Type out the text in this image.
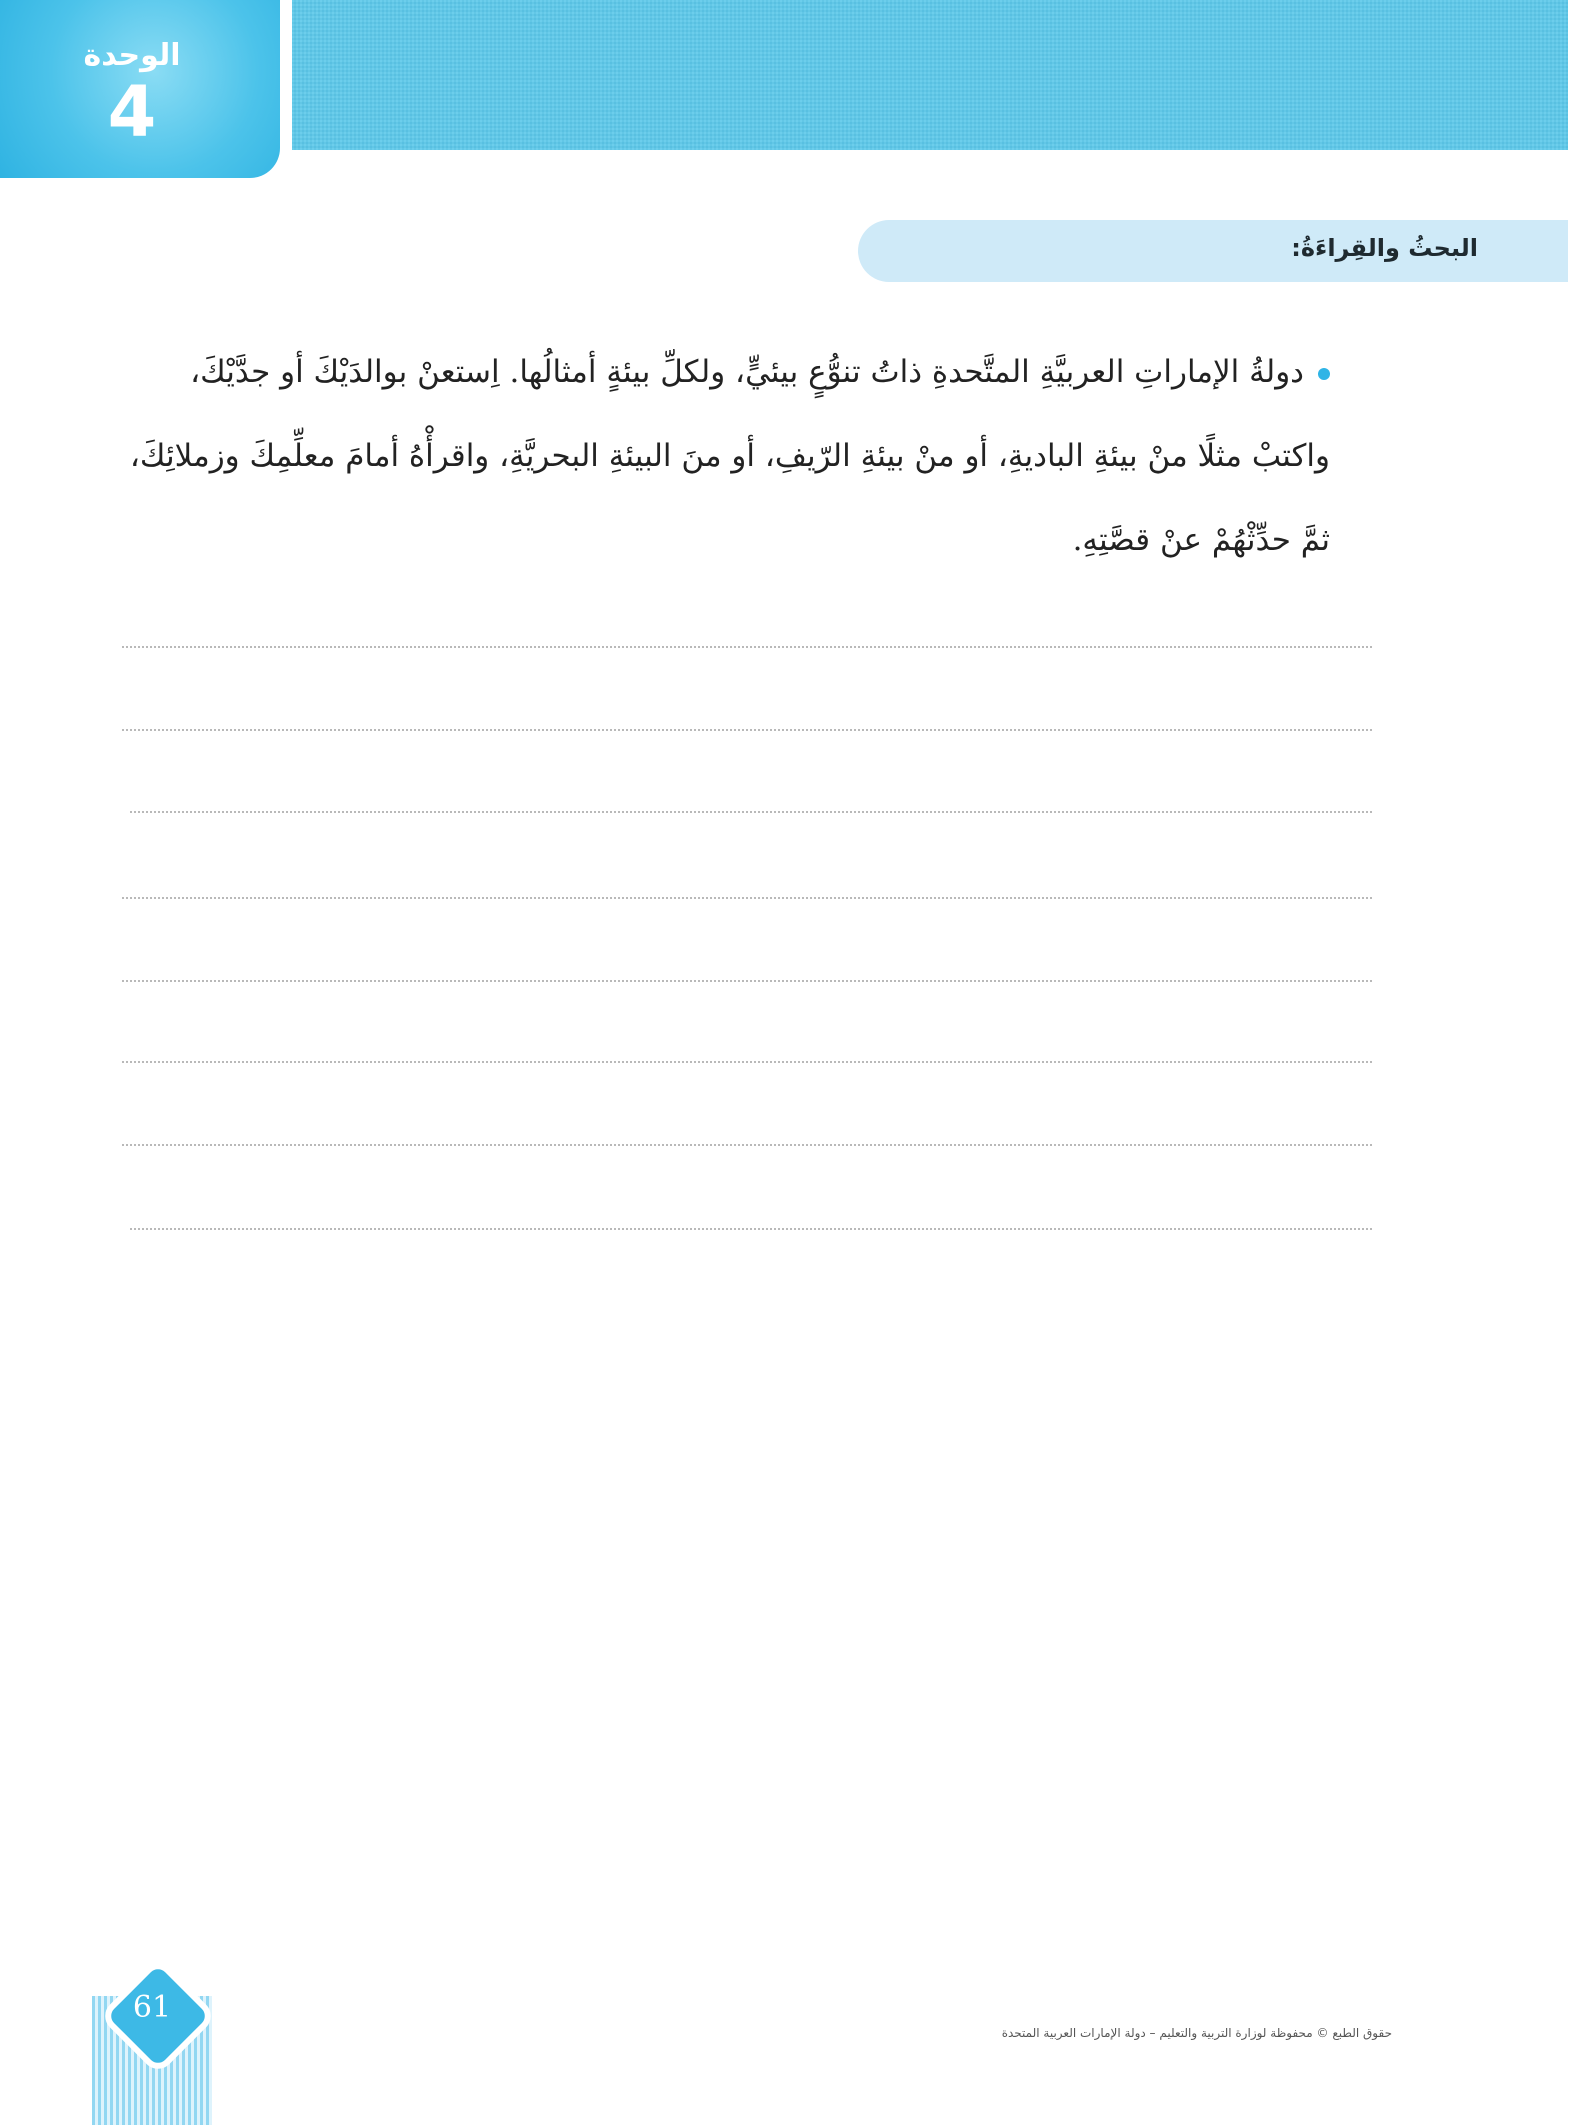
الوحدة
4
البحثُ والقِراءَةُ:
دولةُ الإماراتِ العربيَّةِ المتَّحدةِ ذاتُ تنوُّعٍ بيئيٍّ، ولكلِّ بيئةٍ أمثالُها. اِستعنْ بوالدَيْكَ أو جدَّيْكَ، واكتبْ مثلًا منْ بيئةِ الباديةِ، أو منْ بيئةِ الرّيفِ، أو منَ البيئةِ البحريَّةِ، واقرأْهُ أمامَ معلِّمِكَ وزملائِكَ، ثمَّ حدِّثْهُمْ عنْ قصَّتِهِ.
61
حقوق الطبع © محفوظة لوزارة التربية والتعليم – دولة الإمارات العربية المتحدة
